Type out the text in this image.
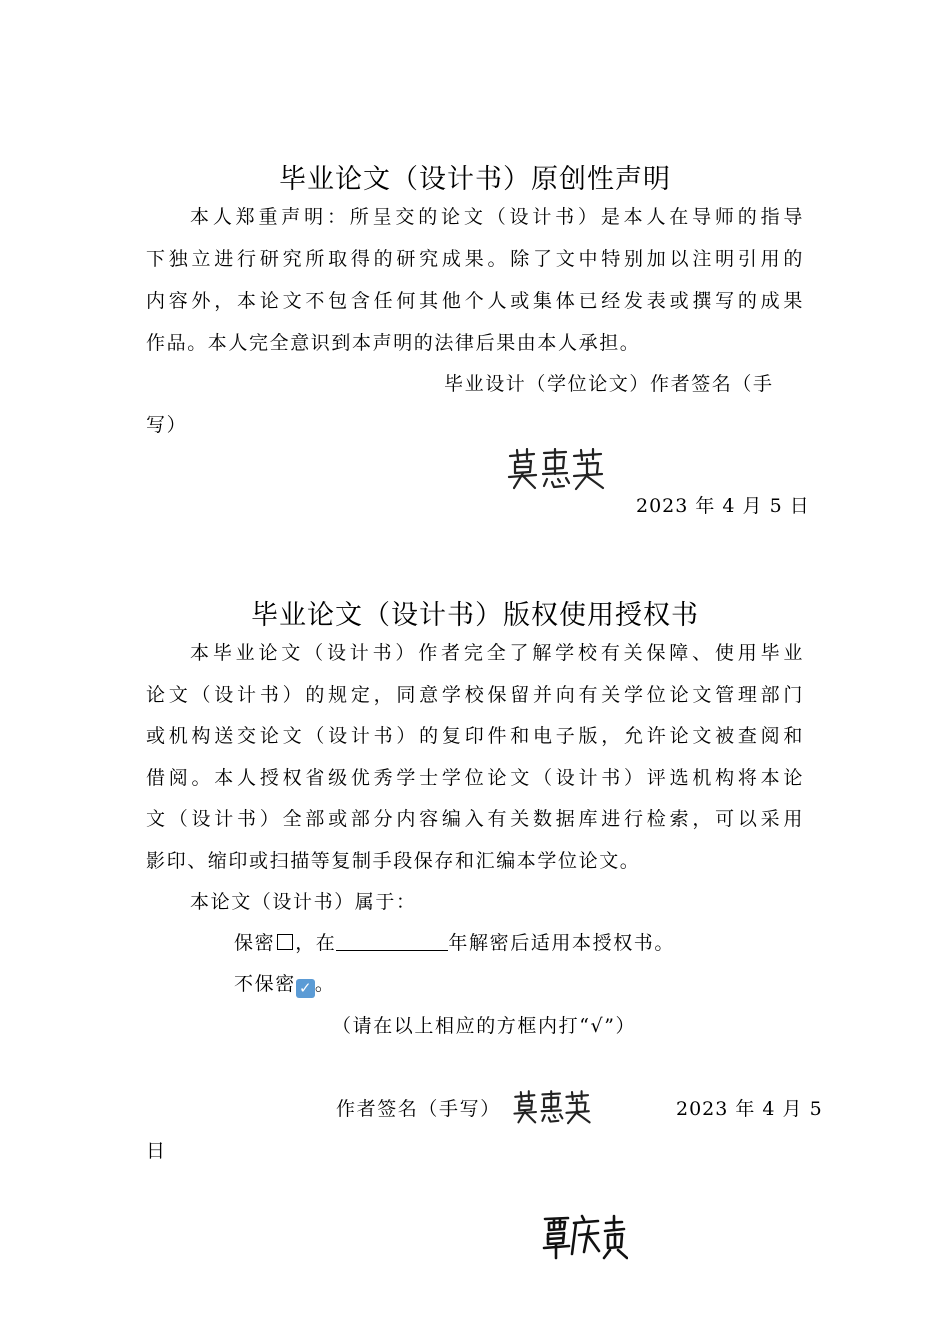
毕业论文（设计书）原创性声明
本人郑重声明：所呈交的论文（设计书）是本人在导师的指导
下独立进行研究所取得的研究成果。除了文中特别加以注明引用的
内容外，本论文不包含任何其他个人或集体已经发表或撰写的成果
作品。本人完全意识到本声明的法律后果由本人承担。
毕业设计（学位论文）作者签名（手
写）
2023 年 4 月 5 日
毕业论文（设计书）版权使用授权书
本毕业论文（设计书）作者完全了解学校有关保障、使用毕业
论文（设计书）的规定，同意学校保留并向有关学位论文管理部门
或机构送交论文（设计书）的复印件和电子版，允许论文被查阅和
借阅。本人授权省级优秀学士学位论文（设计书）评选机构将本论
文（设计书）全部或部分内容编入有关数据库进行检索，可以采用
影印、缩印或扫描等复制手段保存和汇编本学位论文。
本论文（设计书）属于：
保密 ，在	年解密后适用本授权书。
不保密 ✓ 。
（请在以上相应的方框内打“√”）
作者签名（手写）	2023 年 4 月 5
日
